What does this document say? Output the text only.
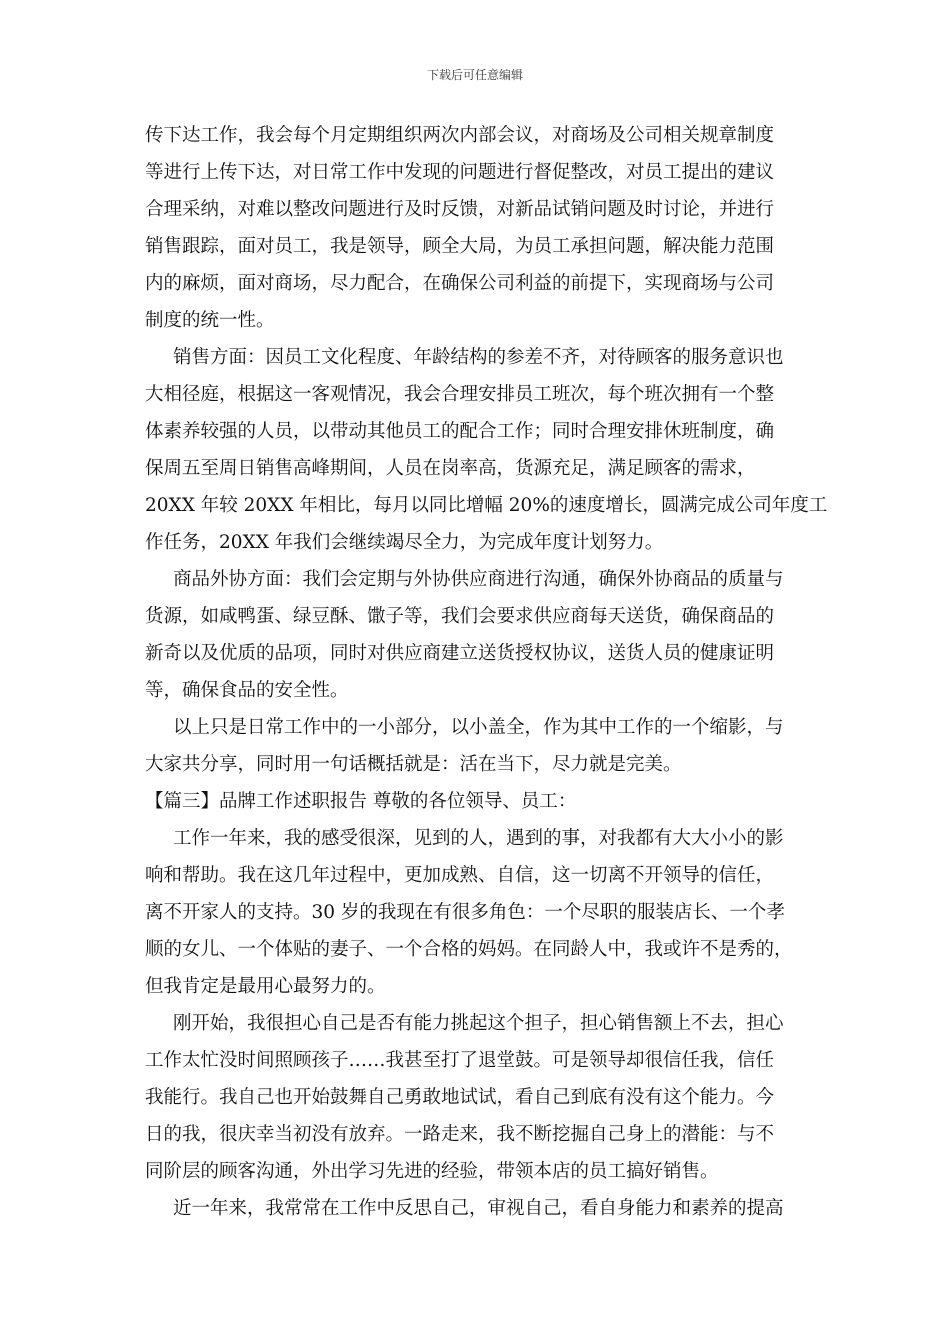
下载后可任意编辑
传下达工作，我会每个月定期组织两次内部会议，对商场及公司相关规章制度
等进行上传下达，对日常工作中发现的问题进行督促整改，对员工提出的建议
合理采纳，对难以整改问题进行及时反馈，对新品试销问题及时讨论，并进行
销售跟踪，面对员工，我是领导，顾全大局，为员工承担问题，解决能力范围
内的麻烦，面对商场，尽力配合，在确保公司利益的前提下，实现商场与公司
制度的统一性。
销售方面：因员工文化程度、年龄结构的参差不齐，对待顾客的服务意识也
大相径庭，根据这一客观情况，我会合理安排员工班次，每个班次拥有一个整
体素养较强的人员，以带动其他员工的配合工作；同时合理安排休班制度，确
保周五至周日销售高峰期间，人员在岗率高，货源充足，满足顾客的需求，
20XX 年较 20XX 年相比，每月以同比增幅 20%的速度增长，圆满完成公司年度工
作任务，20XX 年我们会继续竭尽全力，为完成年度计划努力。
商品外协方面：我们会定期与外协供应商进行沟通，确保外协商品的质量与
货源，如咸鸭蛋、绿豆酥、馓子等，我们会要求供应商每天送货，确保商品的
新奇以及优质的品项，同时对供应商建立送货授权协议，送货人员的健康证明
等，确保食品的安全性。
以上只是日常工作中的一小部分，以小盖全，作为其中工作的一个缩影，与
大家共分享，同时用一句话概括就是：活在当下，尽力就是完美。
【篇三】品牌工作述职报告 尊敬的各位领导、员工：
工作一年来，我的感受很深，见到的人，遇到的事，对我都有大大小小的影
响和帮助。我在这几年过程中，更加成熟、自信，这一切离不开领导的信任，
离不开家人的支持。30 岁的我现在有很多角色：一个尽职的服装店长、一个孝
顺的女儿、一个体贴的妻子、一个合格的妈妈。在同龄人中，我或许不是秀的，
但我肯定是最用心最努力的。
刚开始，我很担心自己是否有能力挑起这个担子，担心销售额上不去，担心
工作太忙没时间照顾孩子……我甚至打了退堂鼓。可是领导却很信任我，信任
我能行。我自己也开始鼓舞自己勇敢地试试，看自己到底有没有这个能力。今
日的我，很庆幸当初没有放弃。一路走来，我不断挖掘自己身上的潜能：与不
同阶层的顾客沟通，外出学习先进的经验，带领本店的员工搞好销售。
近一年来，我常常在工作中反思自己，审视自己，看自身能力和素养的提高
